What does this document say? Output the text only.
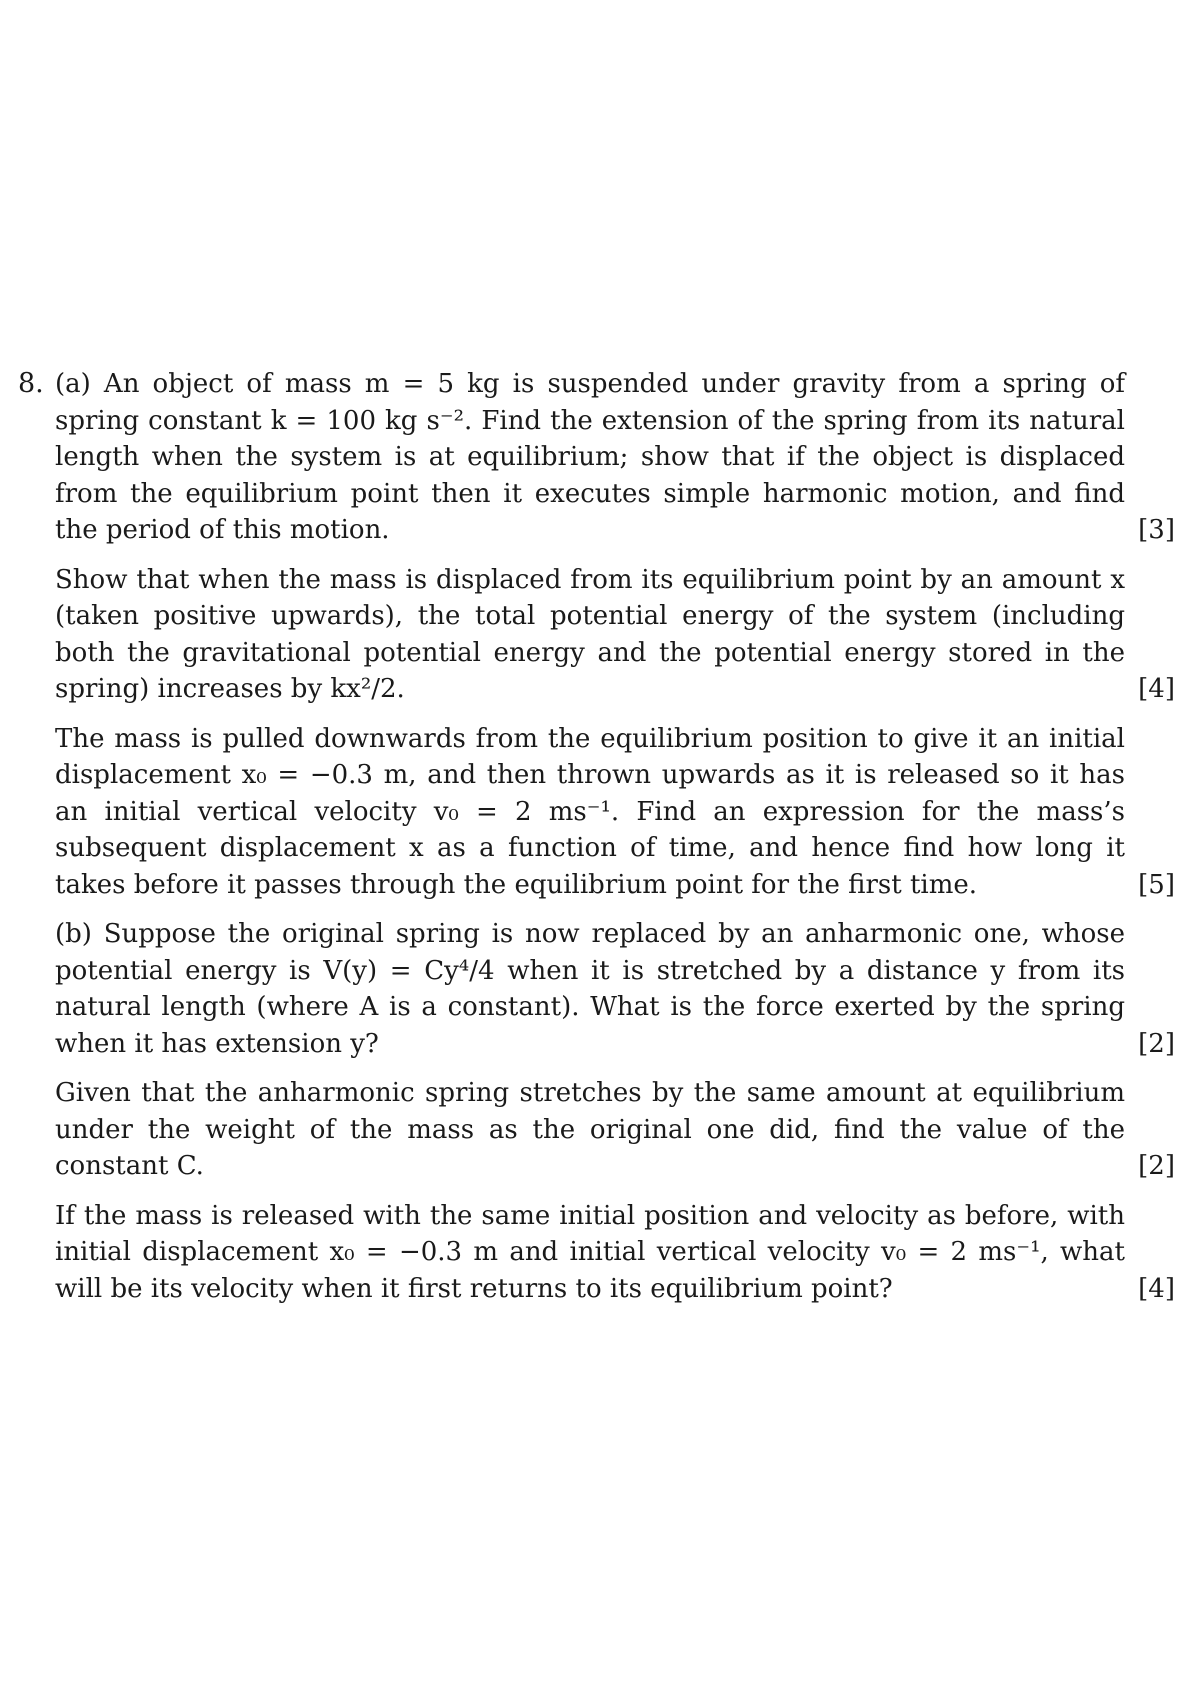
8. (a) An object of mass m = 5 kg is suspended under gravity from a spring of spring constant k = 100 kg s⁻². Find the extension of the spring from its natural length when the system is at equilibrium; show that if the object is displaced from the equilibrium point then it executes simple harmonic motion, and find the period of this motion.	[3]
Show that when the mass is displaced from its equilibrium point by an amount x (taken positive upwards), the total potential energy of the system (including both the gravitational potential energy and the potential energy stored in the spring) increases by kx²/2.	[4]
The mass is pulled downwards from the equilibrium position to give it an initial displacement x₀ = −0.3 m, and then thrown upwards as it is released so it has an initial vertical velocity v₀ = 2 ms⁻¹. Find an expression for the mass’s subsequent displacement x as a function of time, and hence find how long it takes before it passes through the equilibrium point for the first time.	[5]
(b) Suppose the original spring is now replaced by an anharmonic one, whose potential energy is V(y) = Cy⁴/4 when it is stretched by a distance y from its natural length (where A is a constant). What is the force exerted by the spring when it has extension y?	[2]
Given that the anharmonic spring stretches by the same amount at equilibrium under the weight of the mass as the original one did, find the value of the constant C.	[2]
If the mass is released with the same initial position and velocity as before, with initial displacement x₀ = −0.3 m and initial vertical velocity v₀ = 2 ms⁻¹, what will be its velocity when it first returns to its equilibrium point?	[4]
